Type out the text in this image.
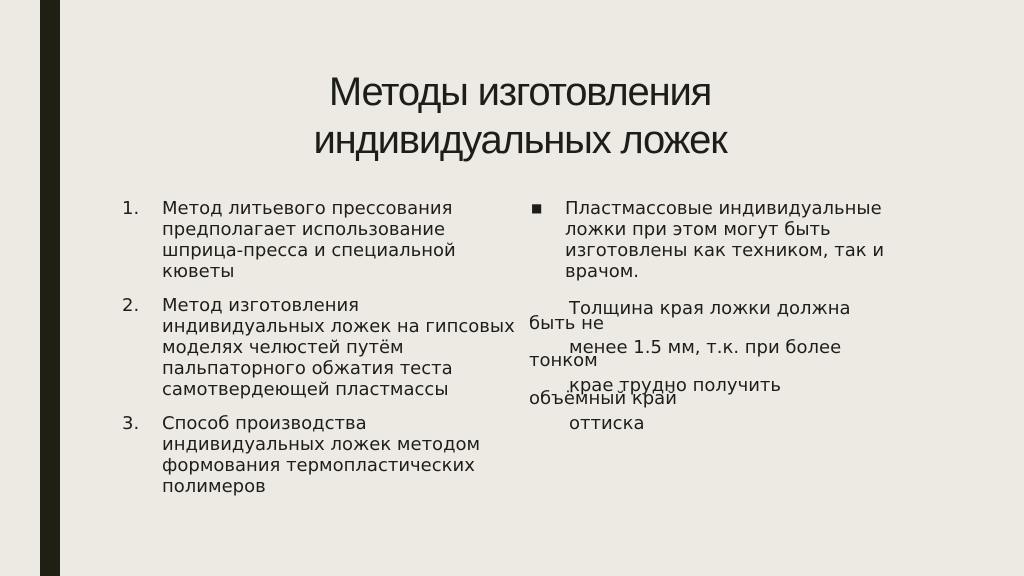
Методы изготовления
индивидуальных ложек
1.	Метод литьевого прессования предполагает использование шприца-пресса и специальной кюветы
2.	Метод изготовления индивидуальных ложек на гипсовых моделях челюстей путём пальпаторного обжатия теста самотвердеющей пластмассы
3.	Способ производства индивидуальных ложек методом формования термопластических полимеров
■	Пластмассовые индивидуальные ложки при этом могут быть изготовлены как техником, так и врачом.
Толщина края ложки должна
быть не
менее 1.5 мм, т.к. при более
тонком
крае трудно получить
объёмный край
оттиска
